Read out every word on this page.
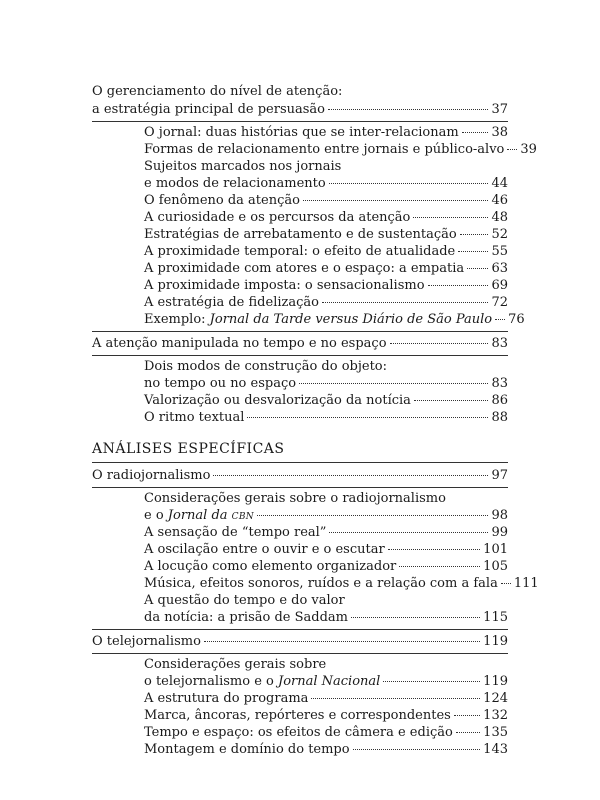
O gerenciamento do nível de atenção:
a estratégia principal de persuasão	37
O jornal: duas histórias que se inter-relacionam	38
Formas de relacionamento entre jornais e público-alvo 39
Sujeitos marcados nos jornais
e modos de relacionamento	44
O fenômeno da atenção	46
A curiosidade e os percursos da atenção	48
Estratégias de arrebatamento e de sustentação	52
A proximidade temporal: o efeito de atualidade	55
A proximidade com atores e o espaço: a empatia 63
A proximidade imposta: o sensacionalismo	69
A estratégia de fidelização	72
Exemplo: Jornal da Tarde versus Diário de São Paulo 76
A atenção manipulada no tempo e no espaço	83
Dois modos de construção do objeto:
no tempo ou no espaço	83
Valorização ou desvalorização da notícia	86
O ritmo textual	88
ANÁLISES ESPECÍFICAS
O radiojornalismo	97
Considerações gerais sobre o radiojornalismo
e o Jornal da CBN	98
A sensação de “tempo real”	99
A oscilação entre o ouvir e o escutar	101
A locução como elemento organizador	105
Música, efeitos sonoros, ruídos e a relação com a fala 111
A questão do tempo e do valor
da notícia: a prisão de Saddam	115
O telejornalismo	119
Considerações gerais sobre
o telejornalismo e o Jornal Nacional	119
A estrutura do programa	124
Marca, âncoras, repórteres e correspondentes 132
Tempo e espaço: os efeitos de câmera e edição 135
Montagem e domínio do tempo	143
